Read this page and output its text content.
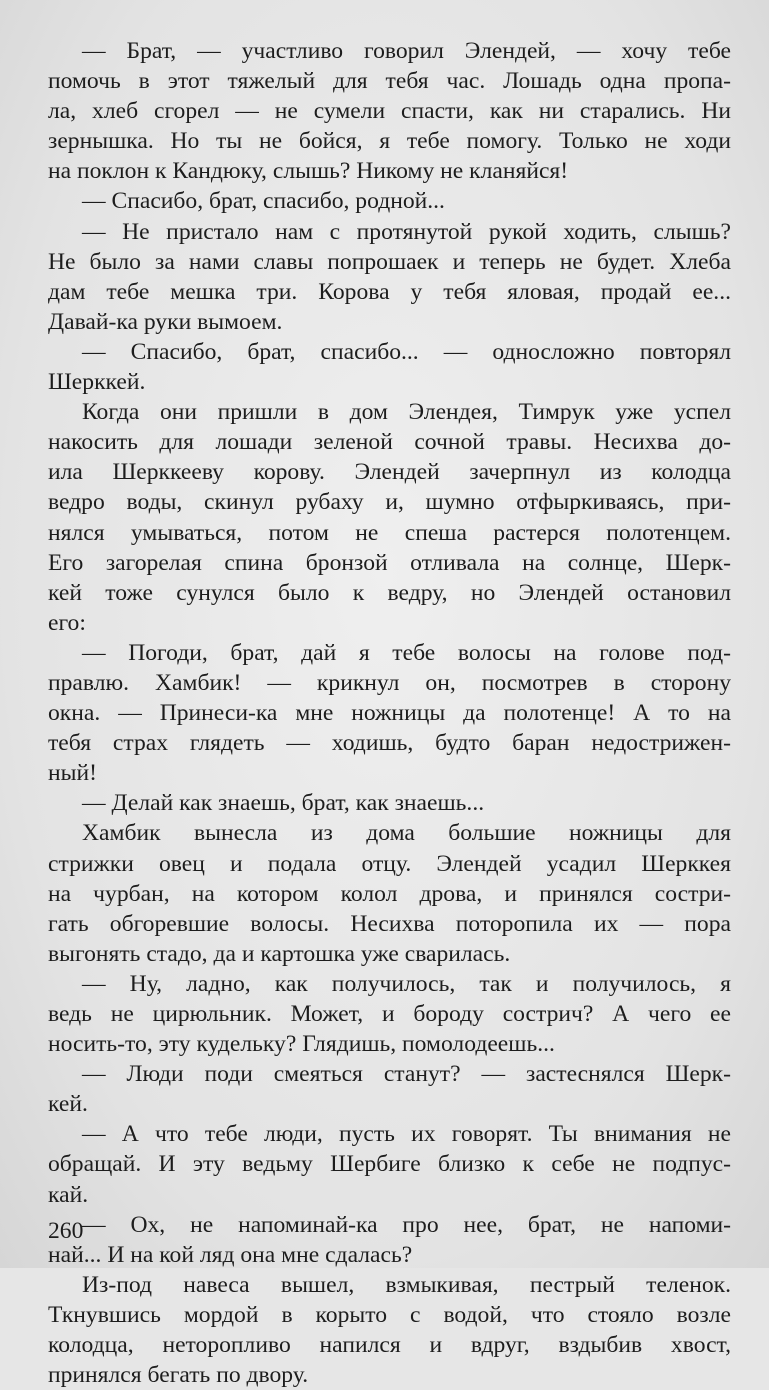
— Брат, — участливо говорил Элендей, — хочу тебе
помочь в этот тяжелый для тебя час. Лошадь одна пропа-
ла, хлеб сгорел — не сумели спасти, как ни старались. Ни
зернышка. Но ты не бойся, я тебе помогу. Только не ходи
на поклон к Кандюку, слышь? Никому не кланяйся!
— Спасибо, брат, спасибо, родной...
— Не пристало нам с протянутой рукой ходить, слышь?
Не было за нами славы попрошаек и теперь не будет. Хлеба
дам тебе мешка три. Корова у тебя яловая, продай ее...
Давай-ка руки вымоем.
— Спасибо, брат, спасибо... — односложно повторял
Шерккей.
Когда они пришли в дом Элендея, Тимрук уже успел
накосить для лошади зеленой сочной травы. Несихва до-
ила Шерккееву корову. Элендей зачерпнул из колодца
ведро воды, скинул рубаху и, шумно отфыркиваясь, при-
нялся умываться, потом не спеша растерся полотенцем.
Его загорелая спина бронзой отливала на солнце, Шерк-
кей тоже сунулся было к ведру, но Элендей остановил
его:
— Погоди, брат, дай я тебе волосы на голове под-
правлю. Хамбик! — крикнул он, посмотрев в сторону
окна. — Принеси-ка мне ножницы да полотенце! А то на
тебя страх глядеть — ходишь, будто баран недострижен-
ный!
— Делай как знаешь, брат, как знаешь...
Хамбик вынесла из дома большие ножницы для
стрижки овец и подала отцу. Элендей усадил Шерккея
на чурбан, на котором колол дрова, и принялся состри-
гать обгоревшие волосы. Несихва поторопила их — пора
выгонять стадо, да и картошка уже сварилась.
— Ну, ладно, как получилось, так и получилось, я
ведь не цирюльник. Может, и бороду сострич? А чего ее
носить-то, эту кудельку? Глядишь, помолодеешь...
— Люди поди смеяться станут? — застеснялся Шерк-
кей.
— А что тебе люди, пусть их говорят. Ты внимания не
обращай. И эту ведьму Шербиге близко к себе не подпус-
кай.
— Ох, не напоминай-ка про нее, брат, не напоми-
най... И на кой ляд она мне сдалась?
Из-под навеса вышел, взмыкивая, пестрый теленок.
Ткнувшись мордой в корыто с водой, что стояло возле
колодца, неторопливо напился и вдруг, вздыбив хвост,
принялся бегать по двору.
260
